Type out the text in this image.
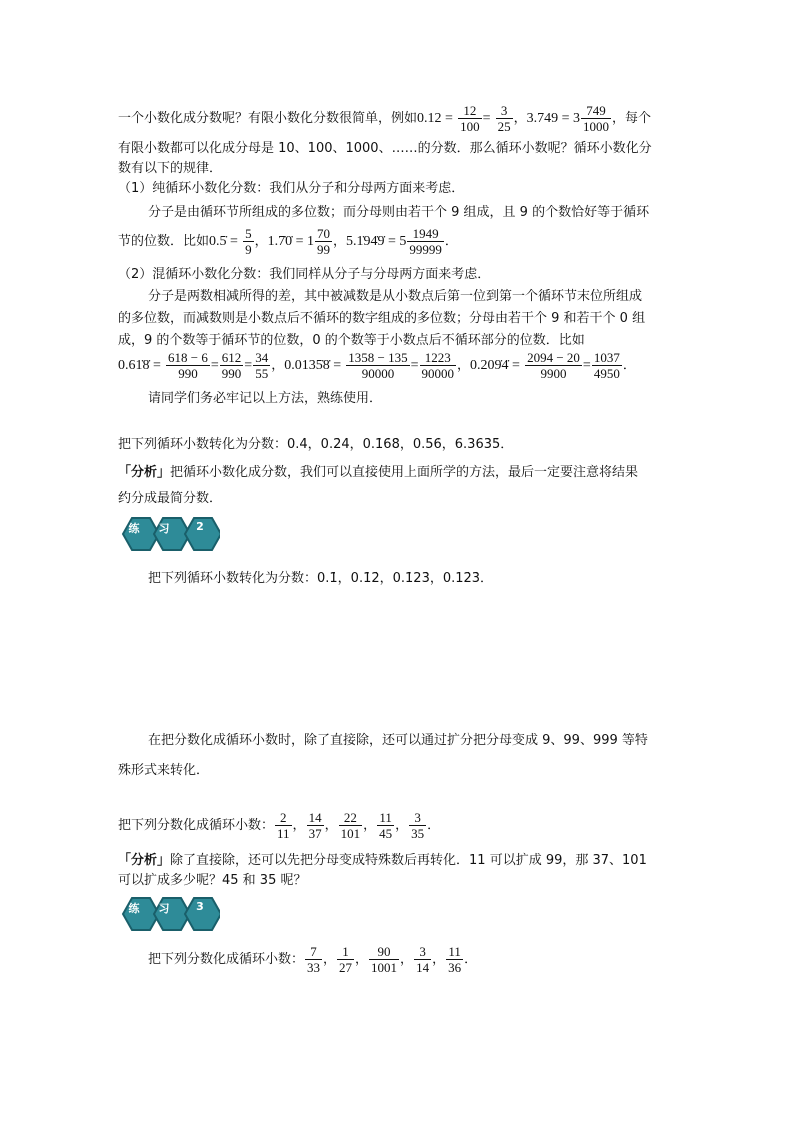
一个小数化成分数呢？有限小数化分数很简单，例如$0.12 = \frac{12}{100} = \frac{3}{25}$ ，$3.749 = 3 \frac{749}{1000}$ ，每个
有限小数都可以化成分母是 10、100、1000、……的分数．那么循环小数呢？循环小数化分
数有以下的规律．
（1）纯循环小数化分数：我们从分子和分母两方面来考虑．
分子是由循环节所组成的多位数；而分母则由若干个 9 组成，且 9 的个数恰好等于循环
节的位数．比如0.5̇ = $\frac{5}{9}$ ，1.7̇0̇ = $1 \frac{70}{99}$ ，5.1̇94̇9̇ = $5 \frac{1949}{99999}$ ．
（2）混循环小数化分数：我们同样从分子与分母两方面来考虑．
分子是两数相减所得的差，其中被减数是从小数点后第一位到第一个循环节末位所组成
的多位数，而减数则是小数点后不循环的数字组成的多位数；分母由若干个 9 和若干个 0 组
成，9 的个数等于循环节的位数，0 的个数等于小数点后不循环部分的位数．比如
0.61̇8̇ = $\frac{618 - 6}{990} = \frac{612}{990} = \frac{34}{55}$ ，0.0135̇8̇ = $\frac{1358 - 135}{90000} = \frac{1223}{90000}$ ，0.209̇4̇ = $\frac{2094 - 20}{9900} = \frac{1037}{4950}$ ．
请同学们务必牢记以上方法，熟练使用．
把下列循环小数转化为分数：0.4̇，0.2̇4̇，0.1̇6̇8̇，0.56̇，6.363̇5̇．
「分析」把循环小数化成分数，我们可以直接使用上面所学的方法，最后一定要注意将结果
约分成最简分数．
练	习	2
把下列循环小数转化为分数：0.1̇，0.1̇2̇，0.1̇23̇，0.12̇3̇．
在把分数化成循环小数时，除了直接除，还可以通过扩分把分母变成 9、99、999 等特
殊形式来转化．
把下列分数化成循环小数： $\frac{2}{11}$ ， $\frac{14}{37}$ ， $\frac{22}{101}$ ， $\frac{11}{45}$ ， $\frac{3}{35}$ ．
「分析」除了直接除，还可以先把分母变成特殊数后再转化．11 可以扩成 99，那 37、101
可以扩成多少呢？45 和 35 呢？
练	习	3
把下列分数化成循环小数： $\frac{7}{33}$ ， $\frac{1}{27}$ ， $\frac{90}{1001}$ ， $\frac{3}{14}$ ， $\frac{11}{36}$ ．
